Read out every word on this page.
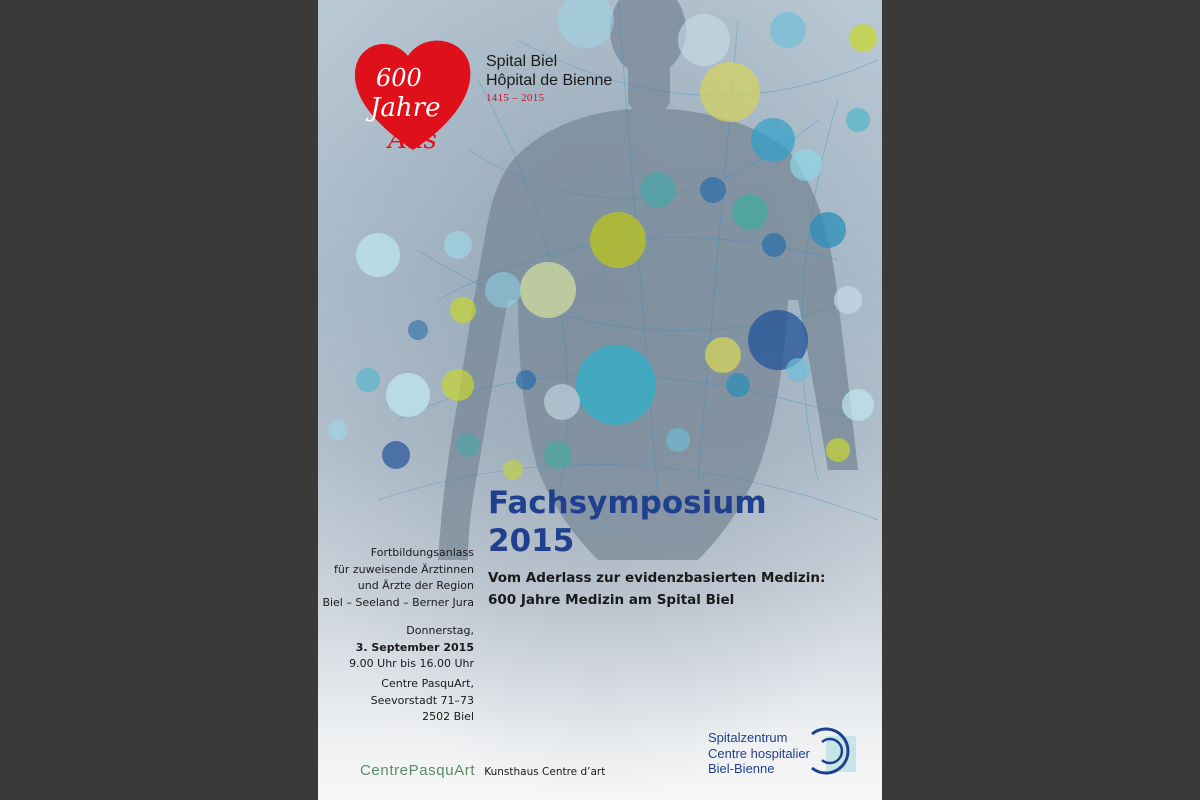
600
Jahre
Ans
Spital Biel
Hôpital de Bienne
1415 – 2015
Fachsymposium
2015
Vom Aderlass zur evidenzbasierten Medizin:
600 Jahre Medizin am Spital Biel
Fortbildungsanlass
für zuweisende Ärztinnen
und Ärzte der Region
Biel – Seeland – Berner Jura
Donnerstag,
3. September 2015
9.00 Uhr bis 16.00 Uhr
Centre PasquArt,
Seevorstadt 71–73
2502 Biel
CentrePasquArt Kunsthaus Centre d’art
Spitalzentrum
Centre hospitalier
Biel-Bienne
